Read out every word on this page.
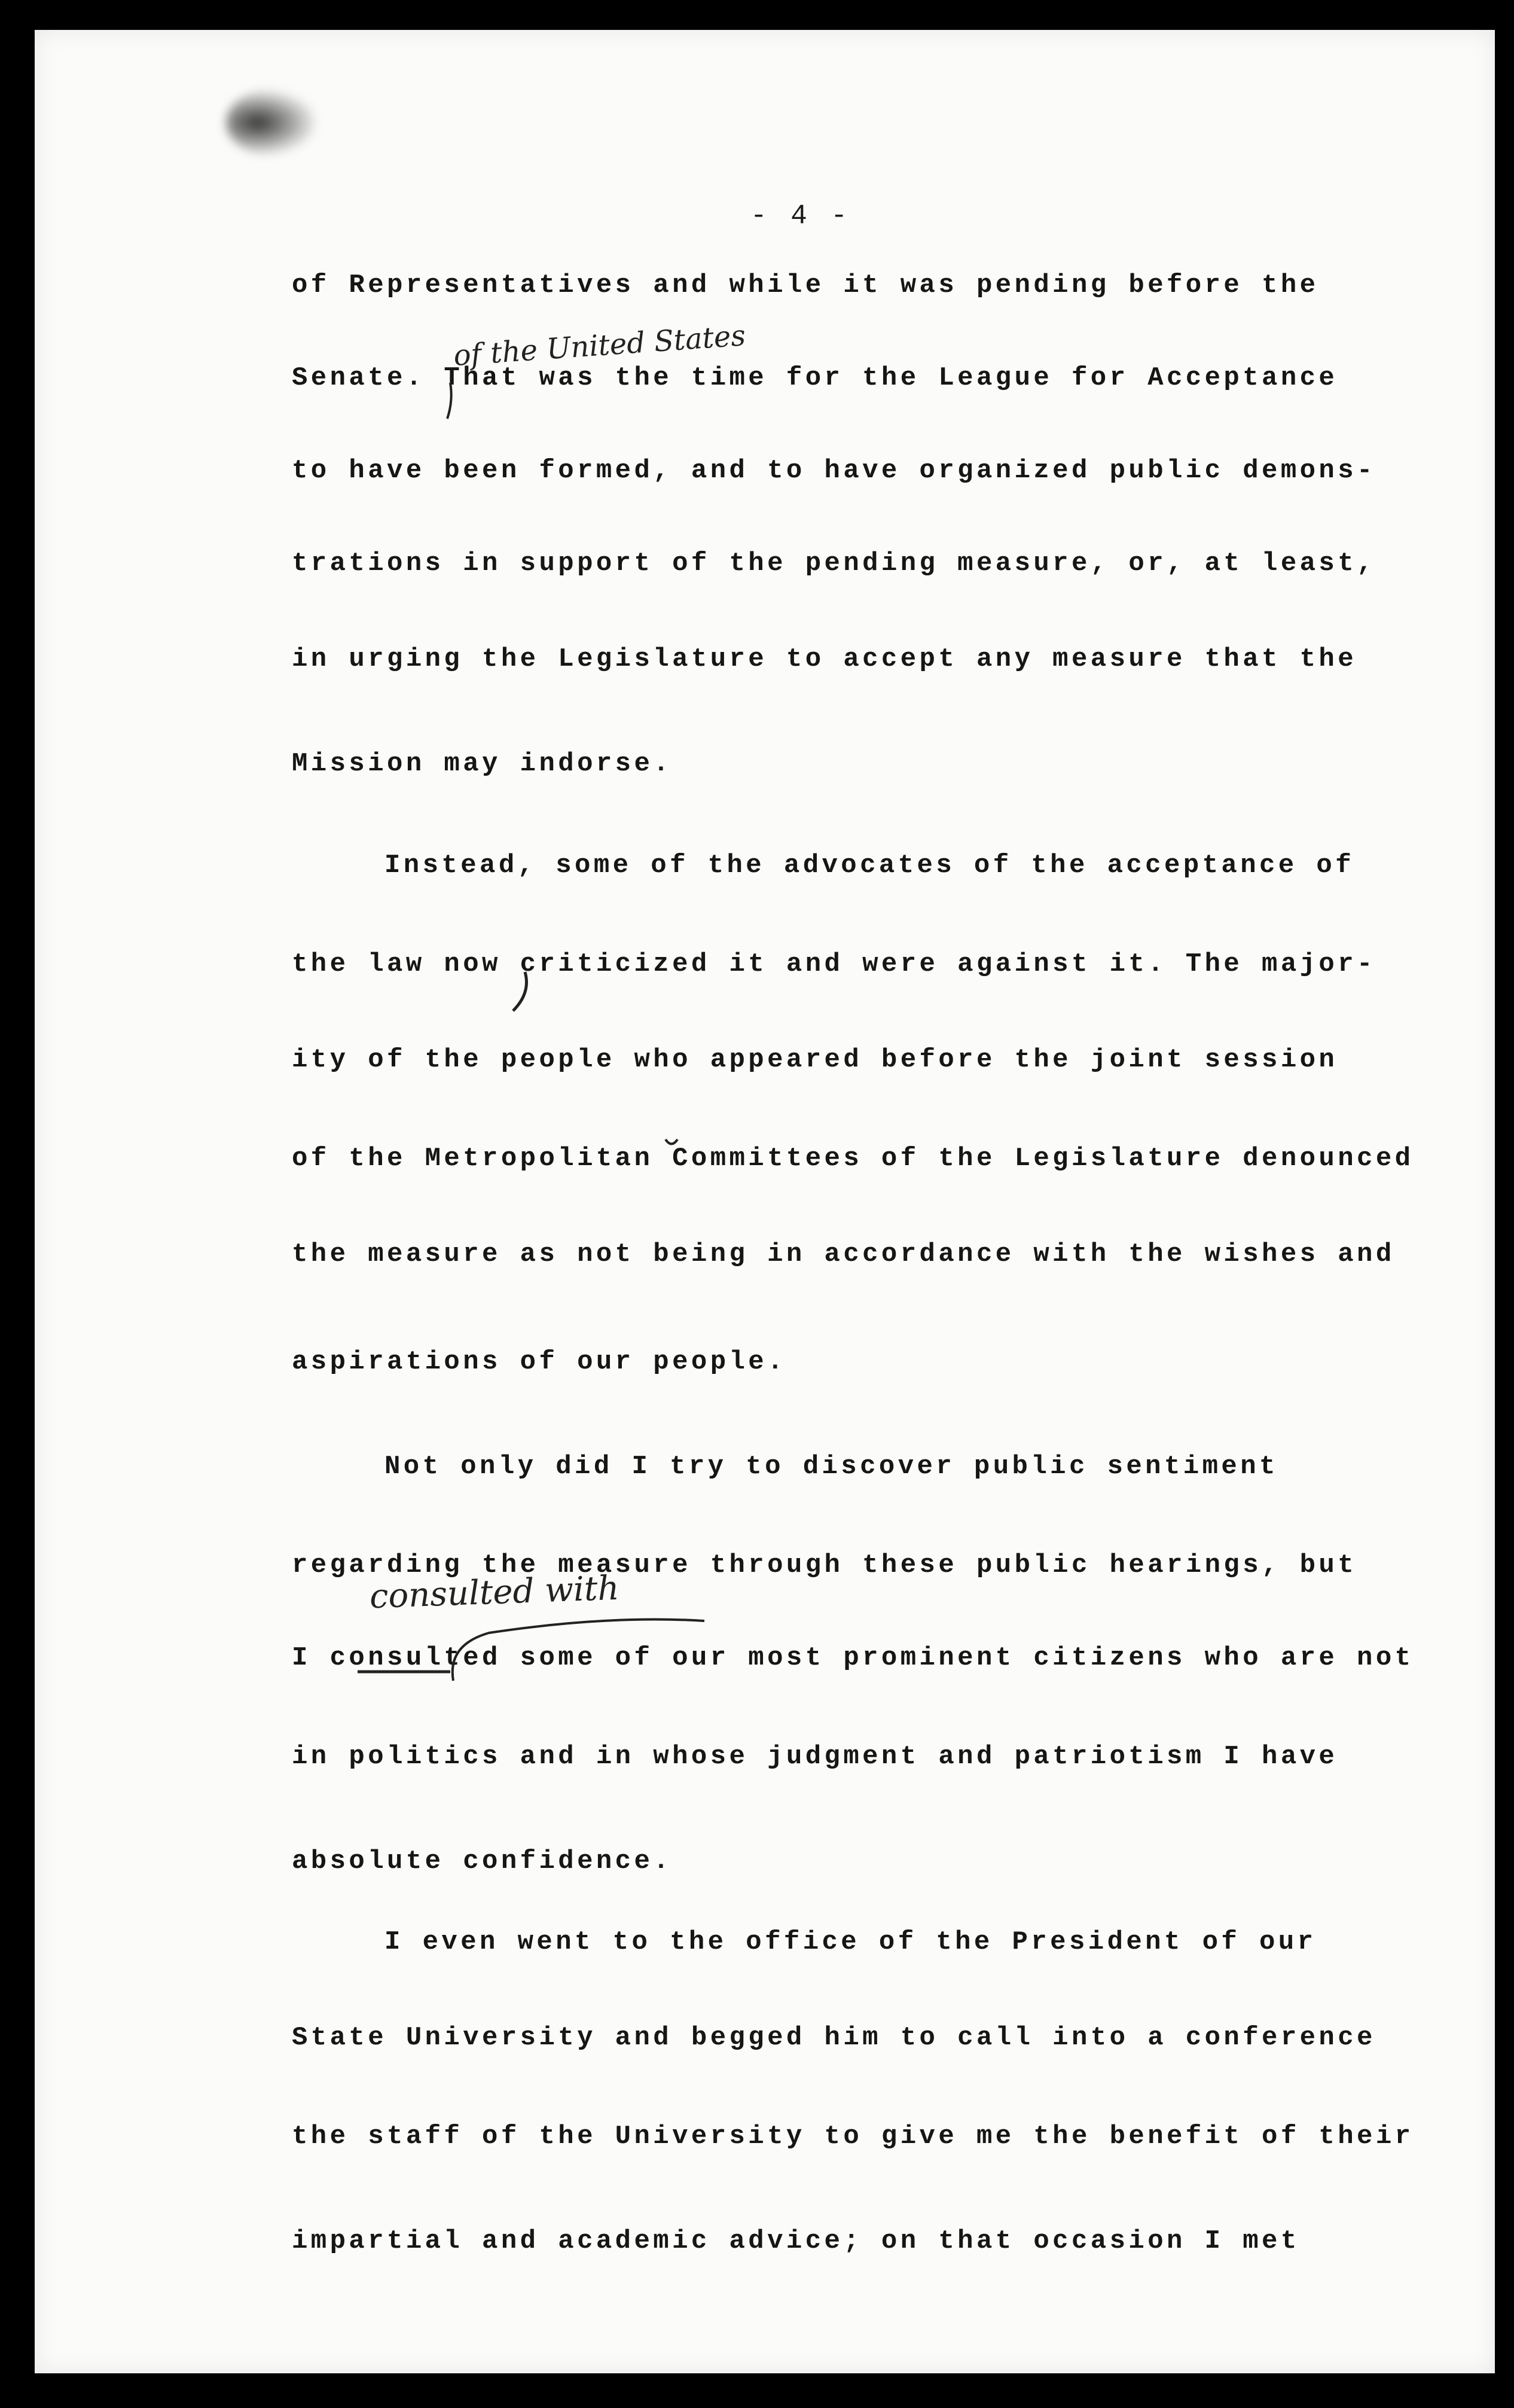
- 4 -
of Representatives and while it was pending before the
of the United States
Senate. That was the time for the League for Acceptance
to have been formed, and to have organized public demons-
trations in support of the pending measure, or, at least,
in urging the Legislature to accept any measure that the
Mission may indorse.
Instead, some of the advocates of the acceptance of
the law now criticized it and were against it. The major-
ity of the people who appeared before the joint session
of the Metropolitan Committees of the Legislature denounced
the measure as not being in accordance with the wishes and
aspirations of our people.
Not only did I try to discover public sentiment
regarding the measure through these public hearings, but
consulted with
I consulted some of our most prominent citizens who are not
in politics and in whose judgment and patriotism I have
absolute confidence.
I even went to the office of the President of our
State University and begged him to call into a conference
the staff of the University to give me the benefit of their
impartial and academic advice; on that occasion I met
